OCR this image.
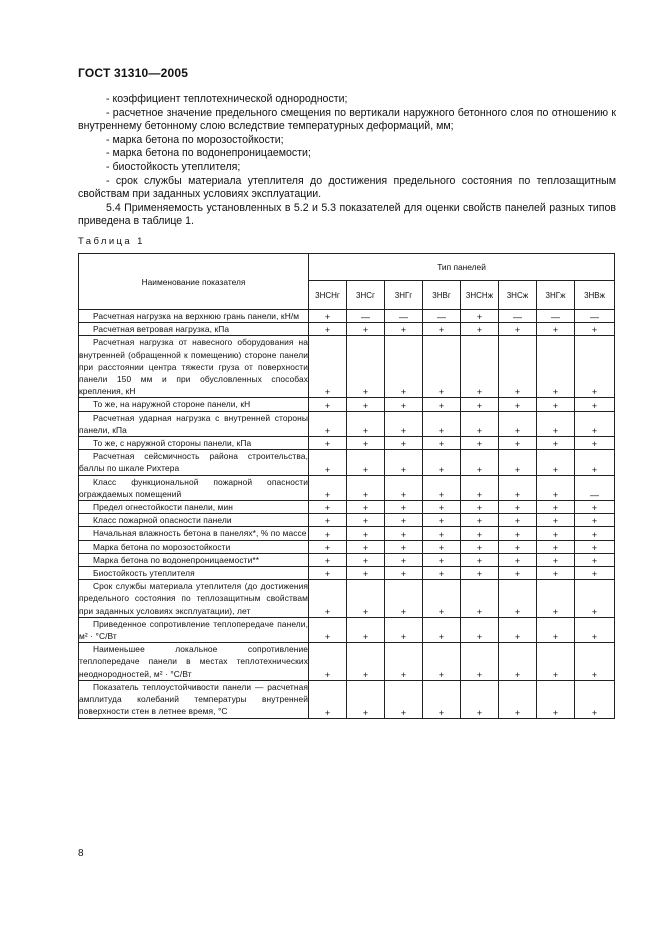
ГОСТ 31310—2005

- коэффициент теплотехнической однородности;

- расчетное значение предельного смещения по вертикали наружного бетонного слоя по отношению к внутреннему бетонному слою вследствие температурных деформаций, мм;

- марка бетона по морозостойкости;

- марка бетона по водонепроницаемости;

- биостойкость утеплителя;

- срок службы материала утеплителя до достижения предельного состояния по теплозащитным свойствам при заданных условиях эксплуатации.

5.4 Применяемость установленных в 5.2 и 5.3 показателей для оценки свойств панелей разных типов приведена в таблице 1.

Таблица 1
Наименование показателя	Тип панелей							
	3НСНг	3НСг	3НГг	3НВг	3НСНж	3НСж	3НГж	3НВж
Расчетная нагрузка на верхнюю грань панели, кН/м	+	—	—	—	+	—	—	—
Расчетная ветровая нагрузка, кПа	+	+	+	+	+	+	+	+
Расчетная нагрузка от навесного оборудования на внутренней (обращенной к помещению) стороне панели при расстоянии центра тяжести груза от поверхности панели 150 мм и при обусловленных способах крепления, кН	+	+	+	+	+	+	+	+
То же, на наружной стороне панели, кН	+	+	+	+	+	+	+	+
Расчетная ударная нагрузка с внутренней стороны панели, кПа	+	+	+	+	+	+	+	+
То же, с наружной стороны панели, кПа	+	+	+	+	+	+	+	+
Расчетная сейсмичность района строительства, баллы по шкале Рихтера	+	+	+	+	+	+	+	+
Класс функциональной пожарной опасности ограждаемых помещений	+	+	+	+	+	+	+	—
Предел огнестойкости панели, мин	+	+	+	+	+	+	+	+
Класс пожарной опасности панели	+	+	+	+	+	+	+	+
Начальная влажность бетона в панелях*, % по массе	+	+	+	+	+	+	+	+
Марка бетона по морозостойкости	+	+	+	+	+	+	+	+
Марка бетона по водонепроницаемости**	+	+	+	+	+	+	+	+
Биостойкость утеплителя	+	+	+	+	+	+	+	+
Срок службы материала утеплителя (до достижения предельного состояния по теплозащитным свойствам при заданных условиях эксплуатации), лет	+	+	+	+	+	+	+	+
Приведенное сопротивление теплопередаче панели, м² · °С/Вт	+	+	+	+	+	+	+	+
Наименьшее локальное сопротивление теплопередаче панели в местах теплотехнических неоднородностей, м² · °С/Вт	+	+	+	+	+	+	+	+
Показатель теплоустойчивости панели — расчетная амплитуда колебаний температуры внутренней поверхности стен в летнее время, °С	+	+	+	+	+	+	+	+
8
